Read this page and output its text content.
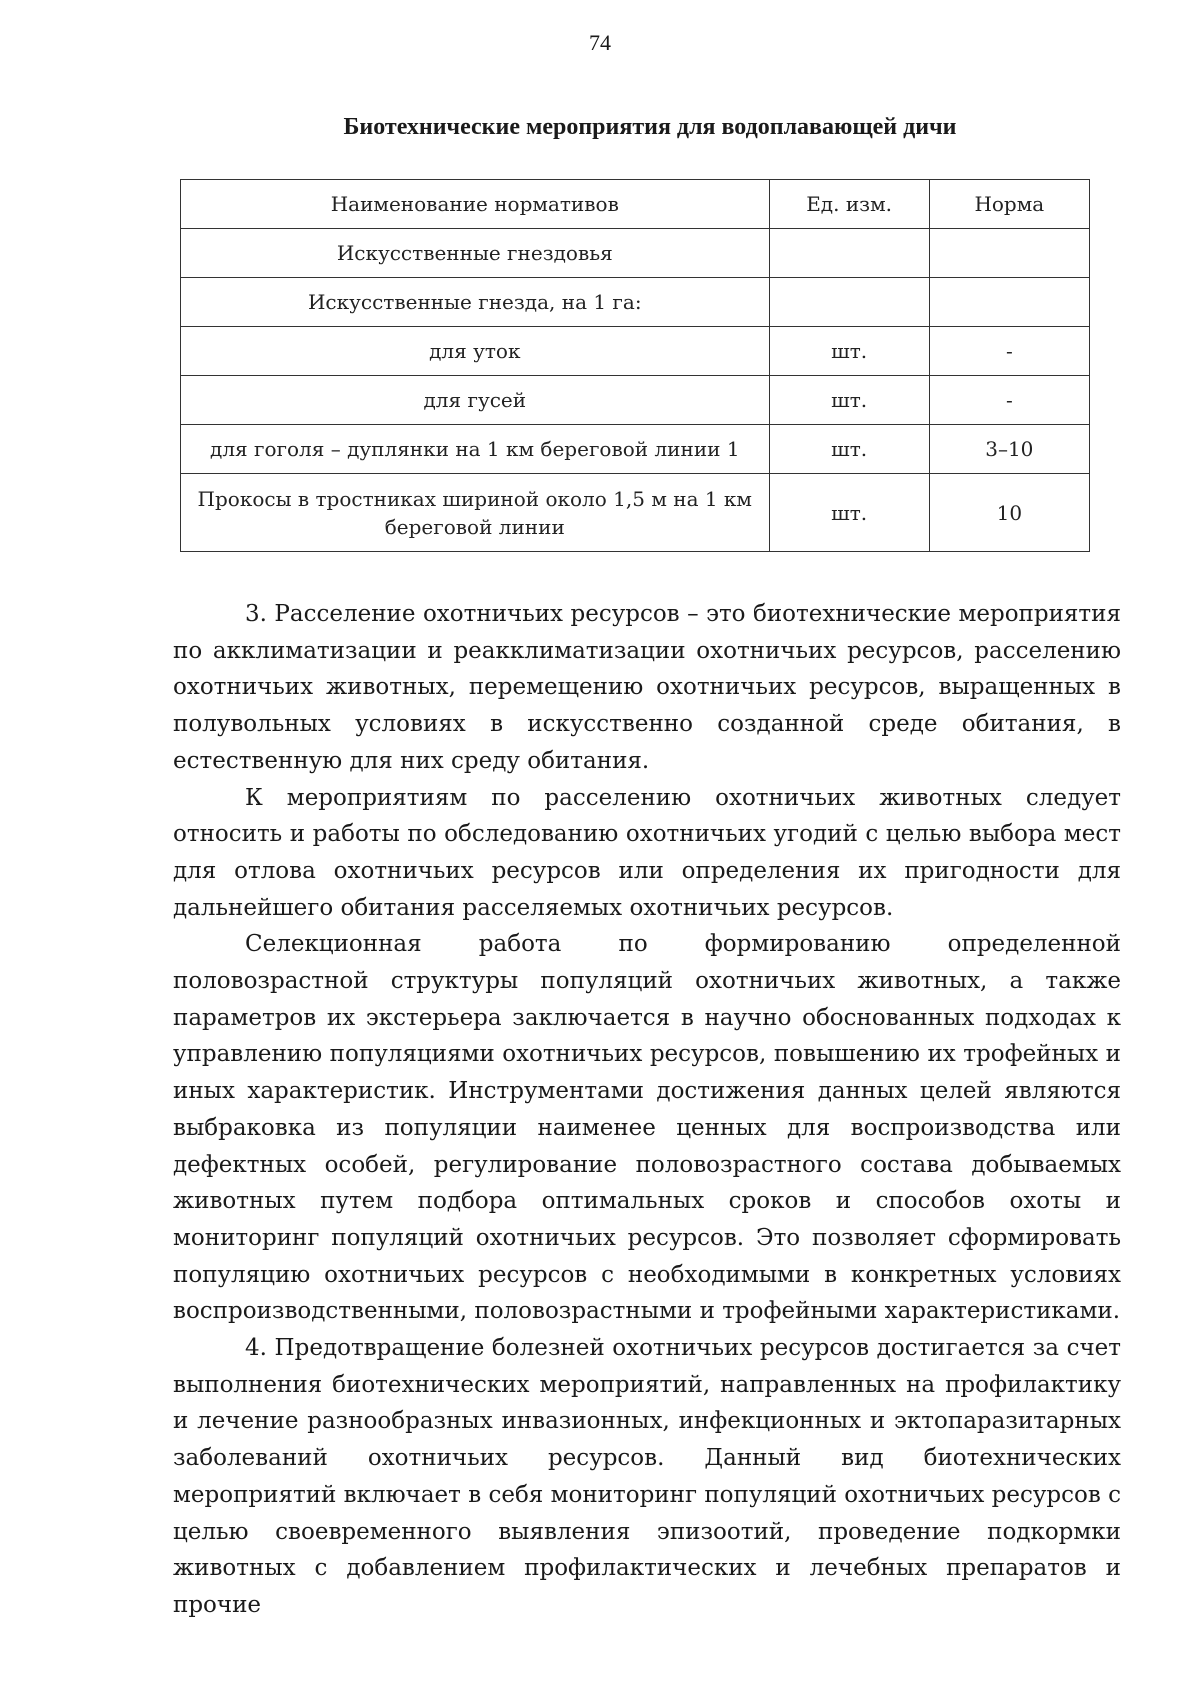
74
Биотехнические мероприятия для водоплавающей дичи
Наименование нормативов	Ед. изм.	Норма
Искусственные гнездовья		
Искусственные гнезда, на 1 га:		
для уток	шт.	-
для гусей	шт.	-
для гоголя – дуплянки на 1 км береговой линии 1	шт.	3–10
Прокосы в тростниках шириной около 1,5 м на 1 км береговой линии	шт.	10

3. Расселение охотничьих ресурсов – это биотехнические мероприятия по акклиматизации и реакклиматизации охотничьих ресурсов, расселению охотничьих животных, перемещению охотничьих ресурсов, выращенных в полувольных условиях в искусственно созданной среде обитания, в естественную для них среду обитания.

К мероприятиям по расселению охотничьих животных следует относить и работы по обследованию охотничьих угодий с целью выбора мест для отлова охотничьих ресурсов или определения их пригодности для дальнейшего обитания расселяемых охотничьих ресурсов.

Селекционная работа по формированию определенной половозрастной структуры популяций охотничьих животных, а также параметров их экстерьера заключается в научно обоснованных подходах к управлению популяциями охотничьих ресурсов, повышению их трофейных и иных характеристик. Инструментами достижения данных целей являются выбраковка из популяции наименее ценных для воспроизводства или дефектных особей, регулирование половозрастного состава добываемых животных путем подбора оптимальных сроков и способов охоты и мониторинг популяций охотничьих ресурсов. Это позволяет сформировать популяцию охотничьих ресурсов с необходимыми в конкретных условиях воспроизводственными, половозрастными и трофейными характеристиками.

4. Предотвращение болезней охотничьих ресурсов достигается за счет выполнения биотехнических мероприятий, направленных на профилактику и лечение разнообразных инвазионных, инфекционных и эктопаразитарных заболеваний охотничьих ресурсов. Данный вид биотехнических мероприятий включает в себя мониторинг популяций охотничьих ресурсов с целью своевременного выявления эпизоотий, проведение подкормки животных с добавлением профилактических и лечебных препаратов и прочие
